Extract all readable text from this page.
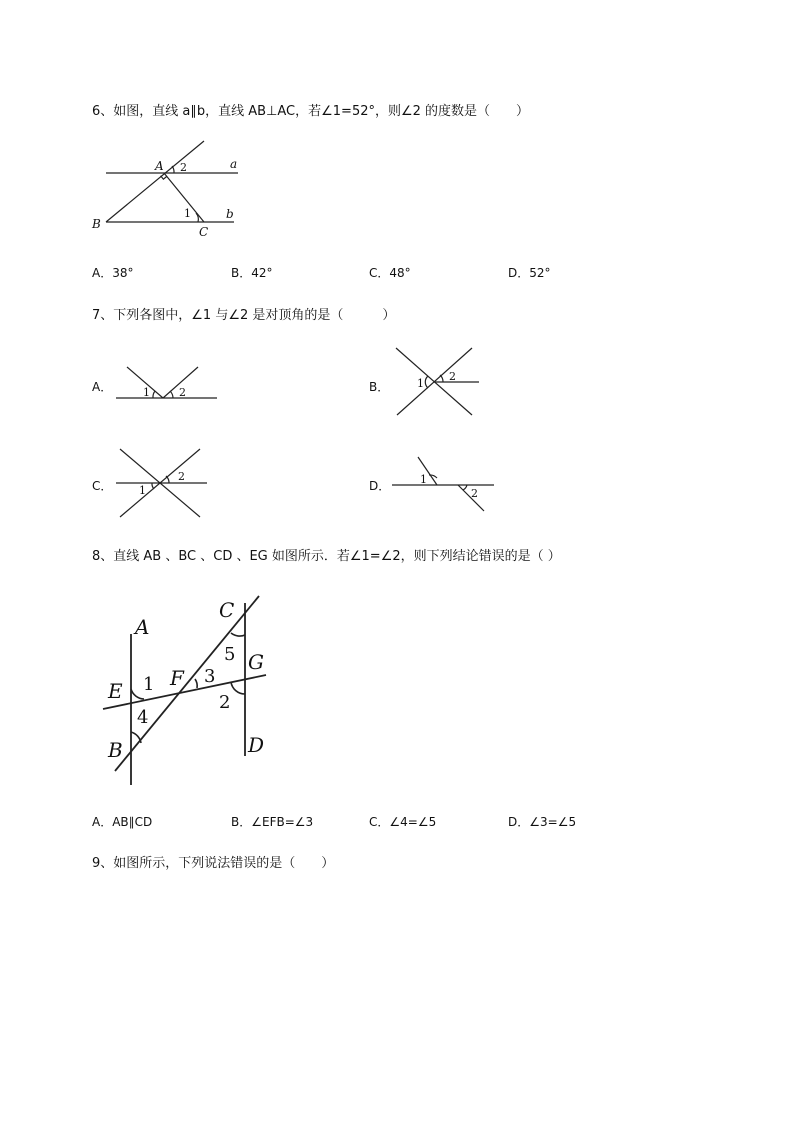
6、如图，直线 a∥b，直线 AB⊥AC，若∠1=52°，则∠2 的度数是（　　）
A
B
C
a
b
2
1
A．38°	B．42°	C．48°	D．52°
7、下列各图中，∠1 与∠2 是对顶角的是（　　　）
A．	B．
C．	D．
1	2
1
2
1
2	1
2
8、直线 AB 、BC 、CD 、EG 如图所示．若∠1=∠2，则下列结论错误的是（ ）
A
B
C
D
E
F
G
1
2
3
4
5
A．AB∥CD	B．∠EFB=∠3	C．∠4=∠5	D．∠3=∠5
9、如图所示，下列说法错误的是（　　）
